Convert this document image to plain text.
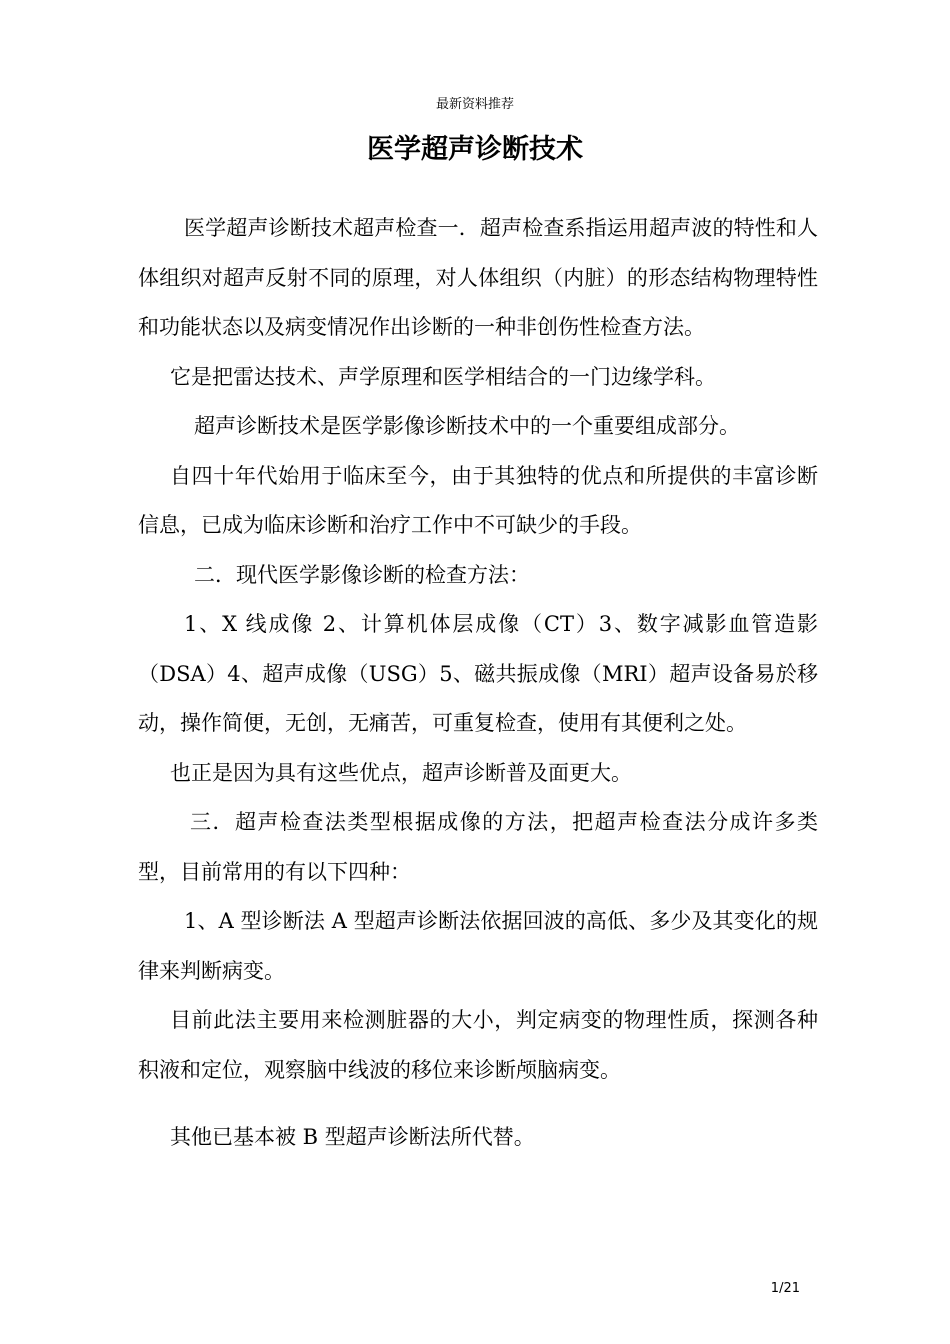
最新资料推荐
医学超声诊断技术

医学超声诊断技术超声检查一．超声检查系指运用超声波的特性和人体组织对超声反射不同的原理，对人体组织（内脏）的形态结构物理特性和功能状态以及病变情况作出诊断的一种非创伤性检查方法。

它是把雷达技术、声学原理和医学相结合的一门边缘学科。

超声诊断技术是医学影像诊断技术中的一个重要组成部分。

自四十年代始用于临床至今，由于其独特的优点和所提供的丰富诊断信息，已成为临床诊断和治疗工作中不可缺少的手段。

二．现代医学影像诊断的检查方法：

1、X 线成像 2、计算机体层成像（CT）3、数字减影血管造影（DSA）4、超声成像（USG）5、磁共振成像（MRI）超声设备易於移动，操作简便，无创，无痛苦，可重复检查，使用有其便利之处。

也正是因为具有这些优点，超声诊断普及面更大。

三．超声检查法类型根据成像的方法，把超声检查法分成许多类型，目前常用的有以下四种：

1、A 型诊断法 A 型超声诊断法依据回波的高低、多少及其变化的规律来判断病变。

目前此法主要用来检测脏器的大小，判定病变的物理性质，探测各种积液和定位，观察脑中线波的移位来诊断颅脑病变。

其他已基本被 B 型超声诊断法所代替。

1/21
